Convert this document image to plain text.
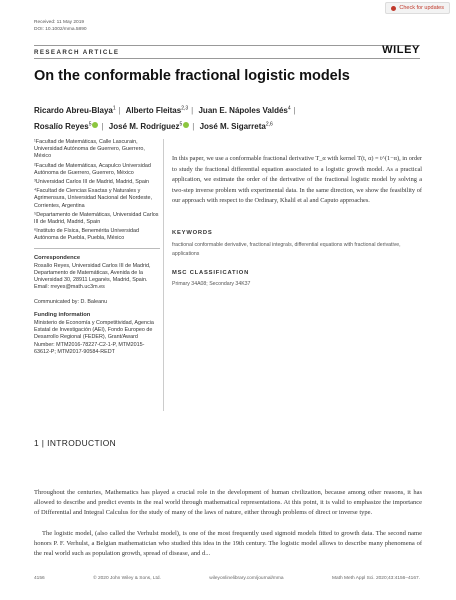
Check for updates
Received: 11 May 2019
DOI: 10.1002/mma.5890
RESEARCH ARTICLE	WILEY
On the conformable fractional logistic models
Ricardo Abreu-Blaya$^1$ | Alberto Fleitas$^{2,3}$ | Juan E. Nápoles Valdés$^4$ |
Rosalío Reyes$^5$ | José M. Rodríguez$^5$ | José M. Sigarreta$^{2,6}$
¹Facultad de Matemáticas, Calle Lascurain, Universidad Autónoma de Guerrero, Guerrero, México
²Facultad de Matemáticas, Acapulco Universidad Autónoma de Guerrero, Guerrero, México
³Universidad Carlos III de Madrid, Madrid, Spain
⁴Facultad de Ciencias Exactas y Naturales y Agrimensura, Universidad Nacional del Nordeste, Corrientes, Argentina
⁵Departamento de Matemáticas, Universidad Carlos III de Madrid, Madrid, Spain
⁶Instituto de Física, Benemérita Universidad Autónoma de Puebla, Puebla, México
Correspondence
Rosalío Reyes, Universidad Carlos III de Madrid, Departamento de Matemáticas, Avenida de la Universidad 30, 28911 Leganés, Madrid, Spain. Email: rreyes@math.uc3m.es
Communicated by: D. Baleanu
Funding information
Ministerio de Economía y Competitividad, Agencia Estatal de Investigación (AEI), Fondo Europeo de Desarrollo Regional (FEDER), Grant/Award Number: MTM2016-78227-C2-1-P, MTM2015-63612-P; MTM2017-90584-REDT
In this paper, we use a conformable fractional derivative T_α with kernel T(t, α) = t^(1−α), in order to study the fractional differential equation associated to a logistic growth model. As a practical application, we estimate the order of the derivative of the fractional logistic model by solving a two-step inverse problem with experimental data. In the same direction, we show the feasibility of our approach with respect to the Ordinary, Khalil et al and Caputo approaches.
KEYWORDS
fractional conformable derivative, fractional integrals, differential equations with fractional derivative, applications
MSC CLASSIFICATION
Primary 34A08; Secondary 34K37
1 | INTRODUCTION
Throughout the centuries, Mathematics has played a crucial role in the development of human civilization, because among other reasons, it has allowed to describe and predict events in the real world through mathematical representations. At this point, it is valid to emphasize the importance of Differential and Integral Calculus for the study of many of the laws of nature, either through problems of direct or inverse type.
The logistic model, (also called the Verhulst model), is one of the most frequently used sigmoid models fitted to growth data. The second name honors P. F. Verhulst, a Belgian mathematician who studied this idea in the 19th century. The logistic model allows to describe many phenomena of the real world such as population growth, spread of disease, and d...
4156	© 2020 John Wiley & Sons, Ltd.	wileyonlinelibrary.com/journal/mma	Math Meth Appl Sci. 2020;43:4156–4167.
